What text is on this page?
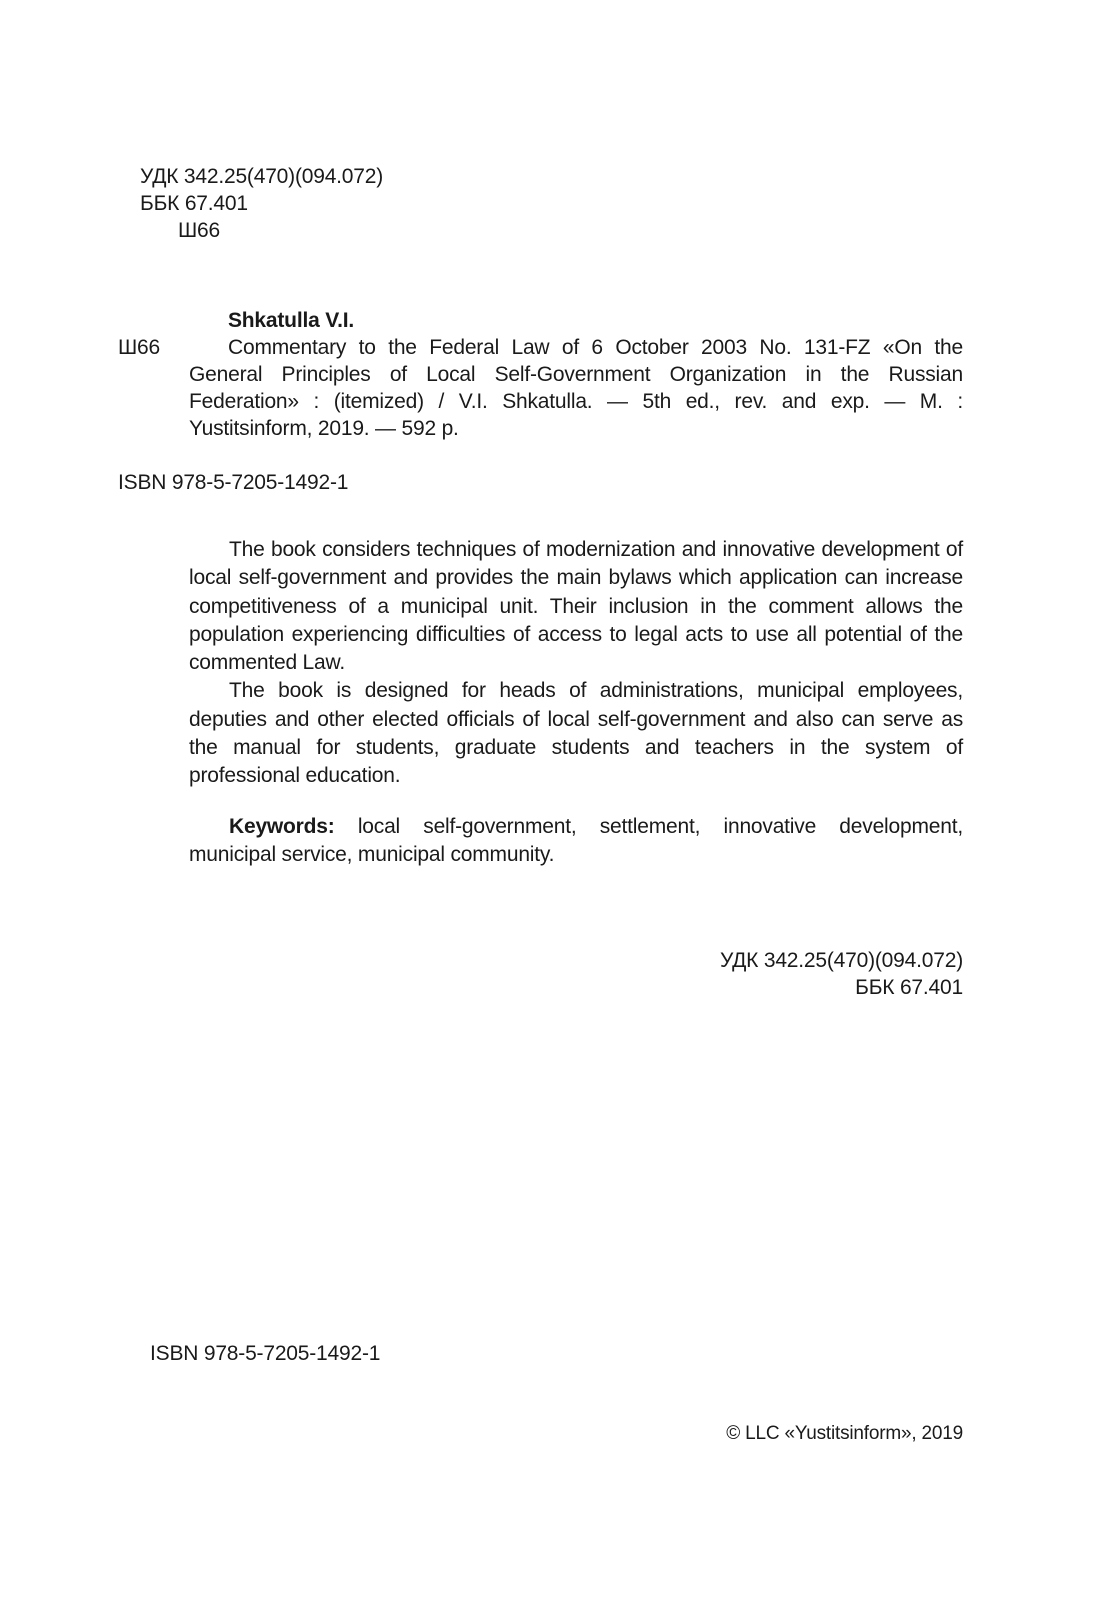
УДК 342.25(470)(094.072)
ББК 67.401
Ш66
Shkatulla V.I.
Ш66	Commentary to the Federal Law of 6 October 2003 No. 131-FZ «On the
General Principles of Local Self-Government Organization in the Russian
Federation» : (itemized) / V.I. Shkatulla. — 5th ed., rev. and exp. — M. :
Yustitsinform, 2019. — 592 p.
ISBN 978-5-7205-1492-1

The book considers techniques of modernization and innovative development of local self-government and provides the main bylaws which application can increase competitiveness of a municipal unit. Their inclusion in the comment allows the population experiencing difficulties of access to legal acts to use all potential of the commented Law.

The book is designed for heads of administrations, municipal employees, deputies and other elected officials of local self-government and also can serve as the manual for students, graduate students and teachers in the system of professional education.

Keywords: local self-government, settlement, innovative development, municipal service, municipal community.
УДК 342.25(470)(094.072)
ББК 67.401
ISBN 978-5-7205-1492-1
© LLC «Yustitsinform», 2019
